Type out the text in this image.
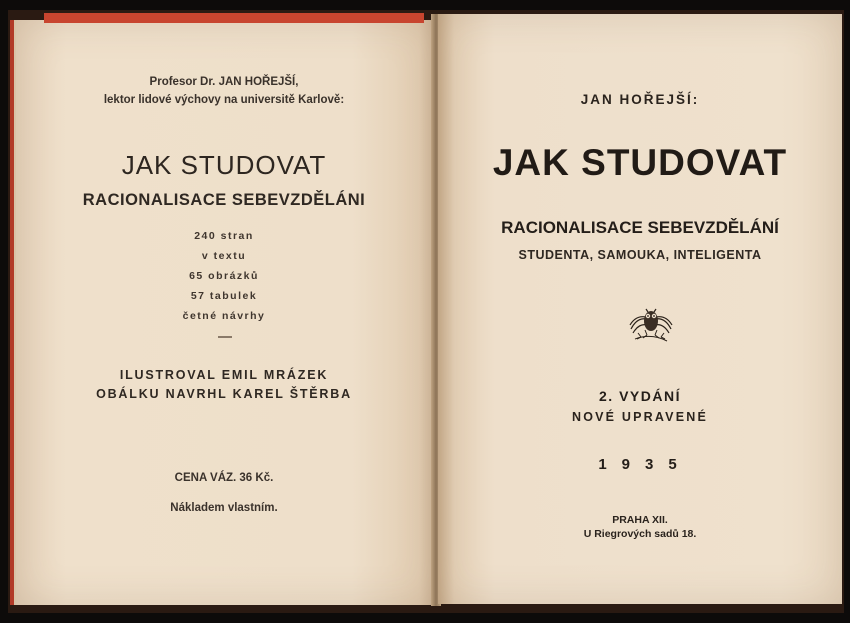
Profesor Dr. JAN HOŘEJŠÍ,
lektor lidové výchovy na universitě Karlově:
JAK STUDOVAT
RACIONALISACE SEBEVZDĚLÁNI
240 stran
v textu
65 obrázků
57 tabulek
četné návrhy
ILUSTROVAL EMIL MRÁZEK
OBÁLKU NAVRHL KAREL ŠTĚRBA
CENA VÁZ. 36 Kč.
Nákladem vlastním.
JAN HOŘEJŠÍ:
JAK STUDOVAT
RACIONALISACE SEBEVZDĚLÁNÍ
STUDENTA, SAMOUKA, INTELIGENTA
2. VYDÁNÍ
NOVÉ UPRAVENÉ
1935
PRAHA XII.
U Riegrových sadů 18.
